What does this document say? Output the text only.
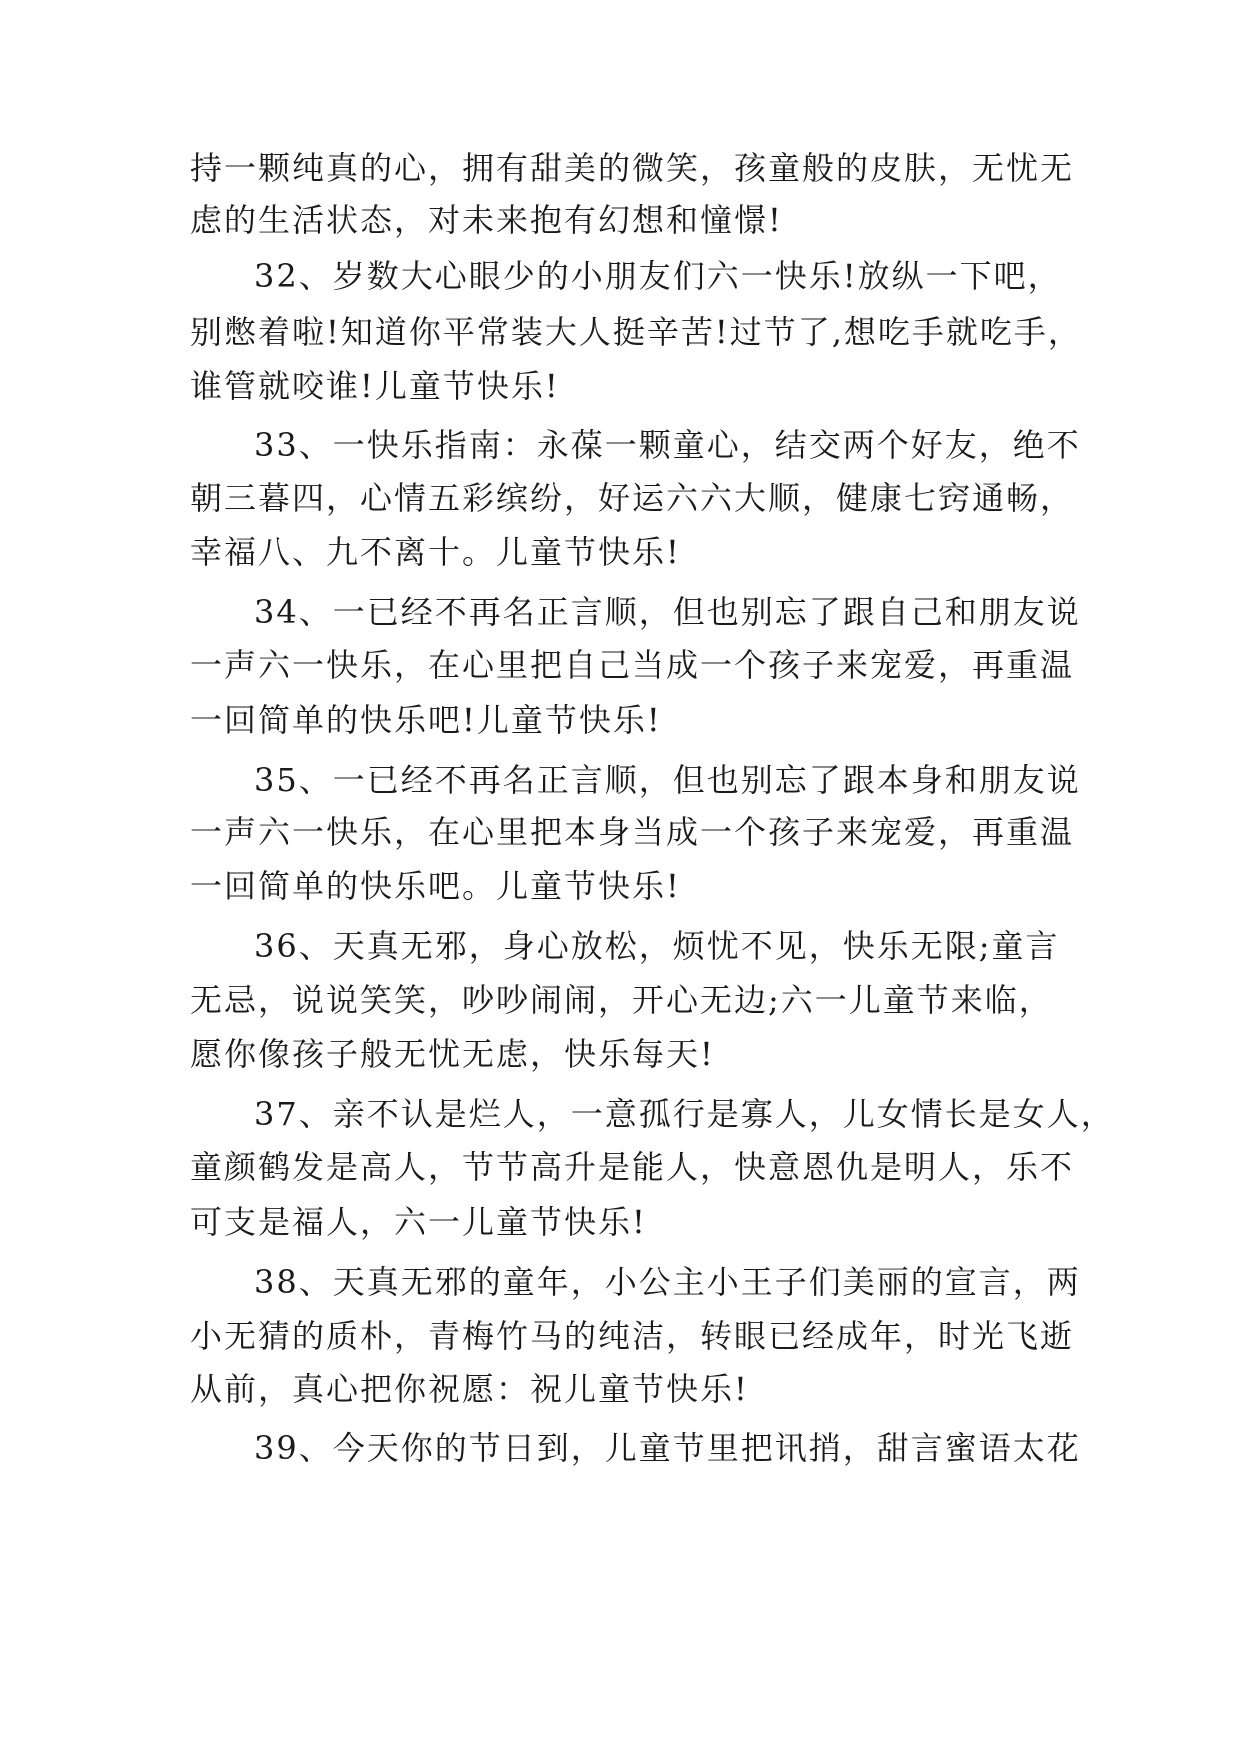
持一颗纯真的心，拥有甜美的微笑，孩童般的皮肤，无忧无
虑的生活状态，对未来抱有幻想和憧憬!
32、岁数大心眼少的小朋友们六一快乐!放纵一下吧，
别憋着啦!知道你平常装大人挺辛苦!过节了,想吃手就吃手，
谁管就咬谁!儿童节快乐!
33、一快乐指南：永葆一颗童心，结交两个好友，绝不
朝三暮四，心情五彩缤纷，好运六六大顺，健康七窍通畅，
幸福八、九不离十。儿童节快乐!
34、一已经不再名正言顺，但也别忘了跟自己和朋友说
一声六一快乐，在心里把自己当成一个孩子来宠爱，再重温
一回简单的快乐吧!儿童节快乐!
35、一已经不再名正言顺，但也别忘了跟本身和朋友说
一声六一快乐，在心里把本身当成一个孩子来宠爱，再重温
一回简单的快乐吧。儿童节快乐!
36、天真无邪，身心放松，烦忧不见，快乐无限;童言
无忌，说说笑笑，吵吵闹闹，开心无边;六一儿童节来临，
愿你像孩子般无忧无虑，快乐每天!
37、亲不认是烂人，一意孤行是寡人，儿女情长是女人，
童颜鹤发是高人，节节高升是能人，快意恩仇是明人，乐不
可支是福人，六一儿童节快乐!
38、天真无邪的童年，小公主小王子们美丽的宣言，两
小无猜的质朴，青梅竹马的纯洁，转眼已经成年，时光飞逝
从前，真心把你祝愿：祝儿童节快乐!
39、今天你的节日到，儿童节里把讯捎，甜言蜜语太花
